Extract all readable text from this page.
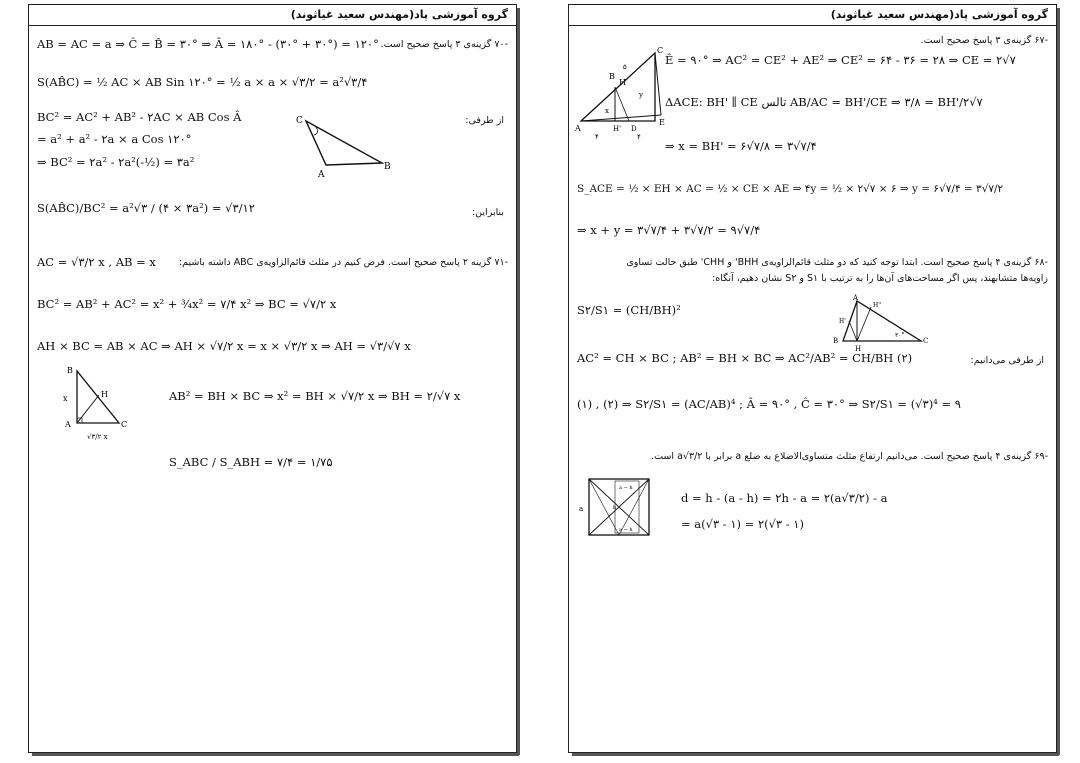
گروه آموزشی پاد(مهندس سعید غیاثوند)
-۷۰ گزینه‌ی ۳ پاسخ صحیح است.
AB = AC = a ⇒ Ĉ = B̂ = ۳۰° ⇒ Â = ۱۸۰° - (۳۰° + ۳۰°) = ۱۲۰°
S(AB̂C) = ½ AC × AB Sin ۱۲۰° = ½ a × a × √۳/۲ = a²√۳/۴
از طرفی:
BC² = AC² + AB² - ۲AC × AB Cos Â
= a² + a² - ۲a × a Cos ۱۲۰°
⇒ BC² = ۲a² - ۲a²(-½) = ۳a²
C
B
A
بنابراین:
S(AB̂C)/BC² = a²√۳ / (۴ × ۳a²) = √۳/۱۲
-۷۱ گزینه ۲ پاسخ صحیح است. فرض کنیم در مثلث قائم‌الزاویه‌ی ABC داشته باشیم:
AC = √۳/۲ x , AB = x
BC² = AB² + AC² = x² + ¾x² = ۷/۴ x² ⇒ BC = √۷/۲ x
AH × BC = AB × AC ⇒ AH × √۷/۲ x = x × √۳/۲ x ⇒ AH = √۳/√۷ x
B
H
A	C
x
√۳/۲ x
AB² = BH × BC ⇒ x² = BH × √۷/۲ x ⇒ BH = ۲/√۷ x
S_ABC / S_ABH = ۷/۴ = ۱/۷۵
گروه آموزشی پاد(مهندس سعید غیاثوند)
-۶۷ گزینه‌ی ۳ پاسخ صحیح است.
C
B
H
A	H' D
E
۴	۴
x
y
۵	Ê = ۹۰° ⇒ AC² = CE² + AE² ⇒ CE² = ۶۴ - ۳۶ = ۲۸ ⇒ CE = ۲√۷
ΔACE: BH' ∥ CE تالس AB/AC = BH'/CE ⇒ ۳/۸ = BH'/۲√۷
⇒ x = BH' = ۶√۷/۸ = ۳√۷/۴
S_ACE = ½ × EH × AC = ½ × CE × AE ⇒ ۴y = ½ × ۲√۷ × ۶ ⇒ y = ۶√۷/۴ = ۳√۷/۲
⇒ x + y = ۳√۷/۴ + ۳√۷/۲ = ۹√۷/۴
-۶۸ گزینه‌ی ۴ پاسخ صحیح است. ابتدا توجه کنید که دو مثلث قائم‌الزاویه‌ی BHH' و CHH' طبق حالت تساوی
زاویه‌ها متشابهند، پس اگر مساحت‌های آن‌ها را به ترتیب با S۱ و S۲ نشان دهیم، آنگاه:
S۲/S۱ = (CH/BH)²
A
B
H
C
H''
H'
۳۰°
از طرفی می‌دانیم:
AC² = CH × BC ; AB² = BH × BC ⇒ AC²/AB² = CH/BH (۲)
(۱) , (۲) ⇒ S۲/S۱ = (AC/AB)⁴ ; Â = ۹۰° , Ĉ = ۳۰° ⇒ S۲/S۱ = (√۳)⁴ = ۹
-۶۹ گزینه‌ی ۴ پاسخ صحیح است. می‌دانیم ارتفاع مثلث متساوی‌الاضلاع به ضلع a برابر با a√۳/۲ است.
a
a − h
a − h
h
d = h - (a - h) = ۲h - a = ۲(a√۳/۲) - a
= a(√۳ - ۱) = ۲(√۳ - ۱)
